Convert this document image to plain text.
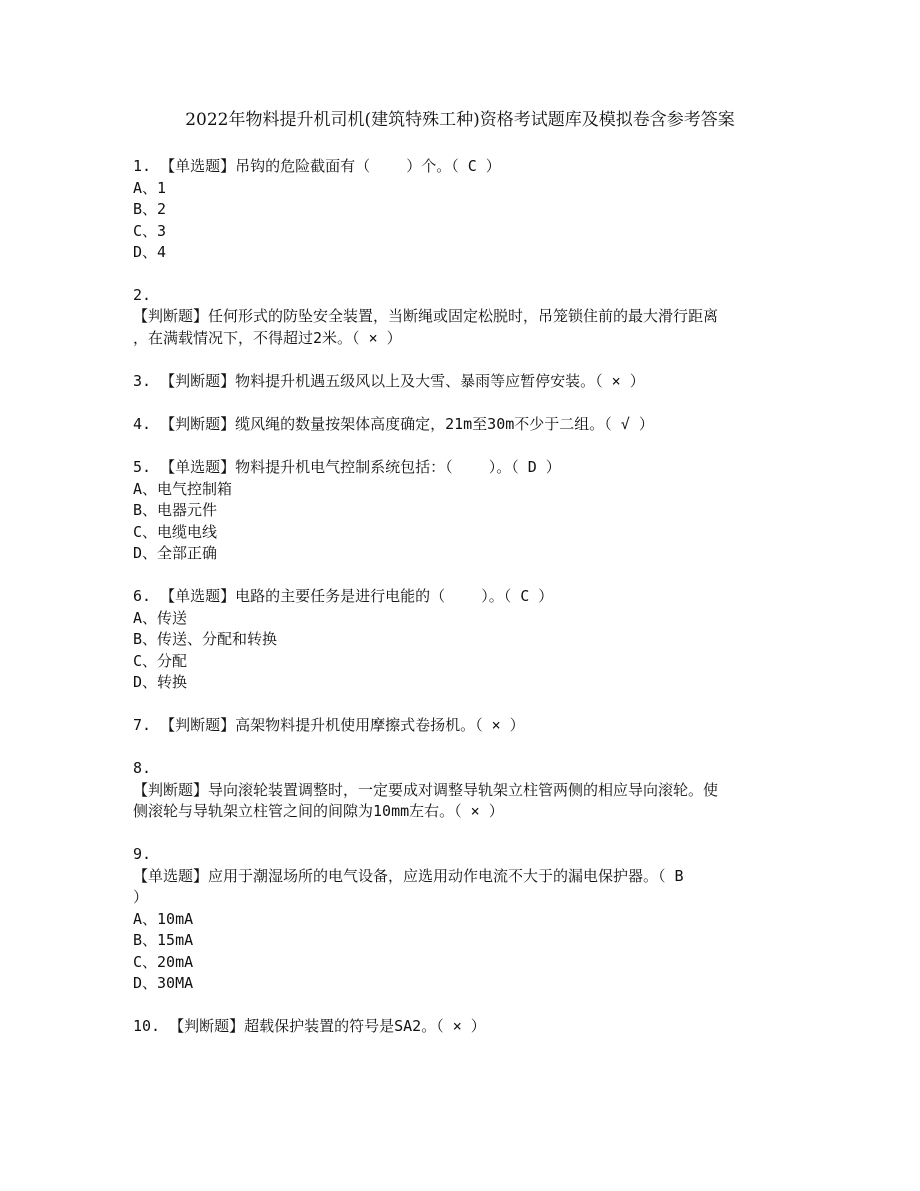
2022年物料提升机司机(建筑特殊工种)资格考试题库及模拟卷含参考答案
1. 【单选题】吊钩的危险截面有（    ）个。（ C ）
A、1
B、2
C、3
D、4
2.
【判断题】任何形式的防坠安全装置，当断绳或固定松脱时，吊笼锁住前的最大滑行距离
，在满载情况下，不得超过2米。（ × ）
3. 【判断题】物料提升机遇五级风以上及大雪、暴雨等应暂停安装。（ × ）
4. 【判断题】缆风绳的数量按架体高度确定，21m至30m不少于二组。（ √ ）
5. 【单选题】物料提升机电气控制系统包括：（    ）。（ D ）
A、电气控制箱
B、电器元件
C、电缆电线
D、全部正确
6. 【单选题】电路的主要任务是进行电能的（    ）。（ C ）
A、传送
B、传送、分配和转换
C、分配
D、转换
7. 【判断题】高架物料提升机使用摩擦式卷扬机。（ × ）
8.
【判断题】导向滚轮装置调整时，一定要成对调整导轨架立柱管两侧的相应导向滚轮。使
侧滚轮与导轨架立柱管之间的间隙为10mm左右。（ × ）
9.
【单选题】应用于潮湿场所的电气设备，应选用动作电流不大于的漏电保护器。（ B
）
A、10mA
B、15mA
C、20mA
D、30MA
10. 【判断题】超载保护装置的符号是SA2。（ × ）
